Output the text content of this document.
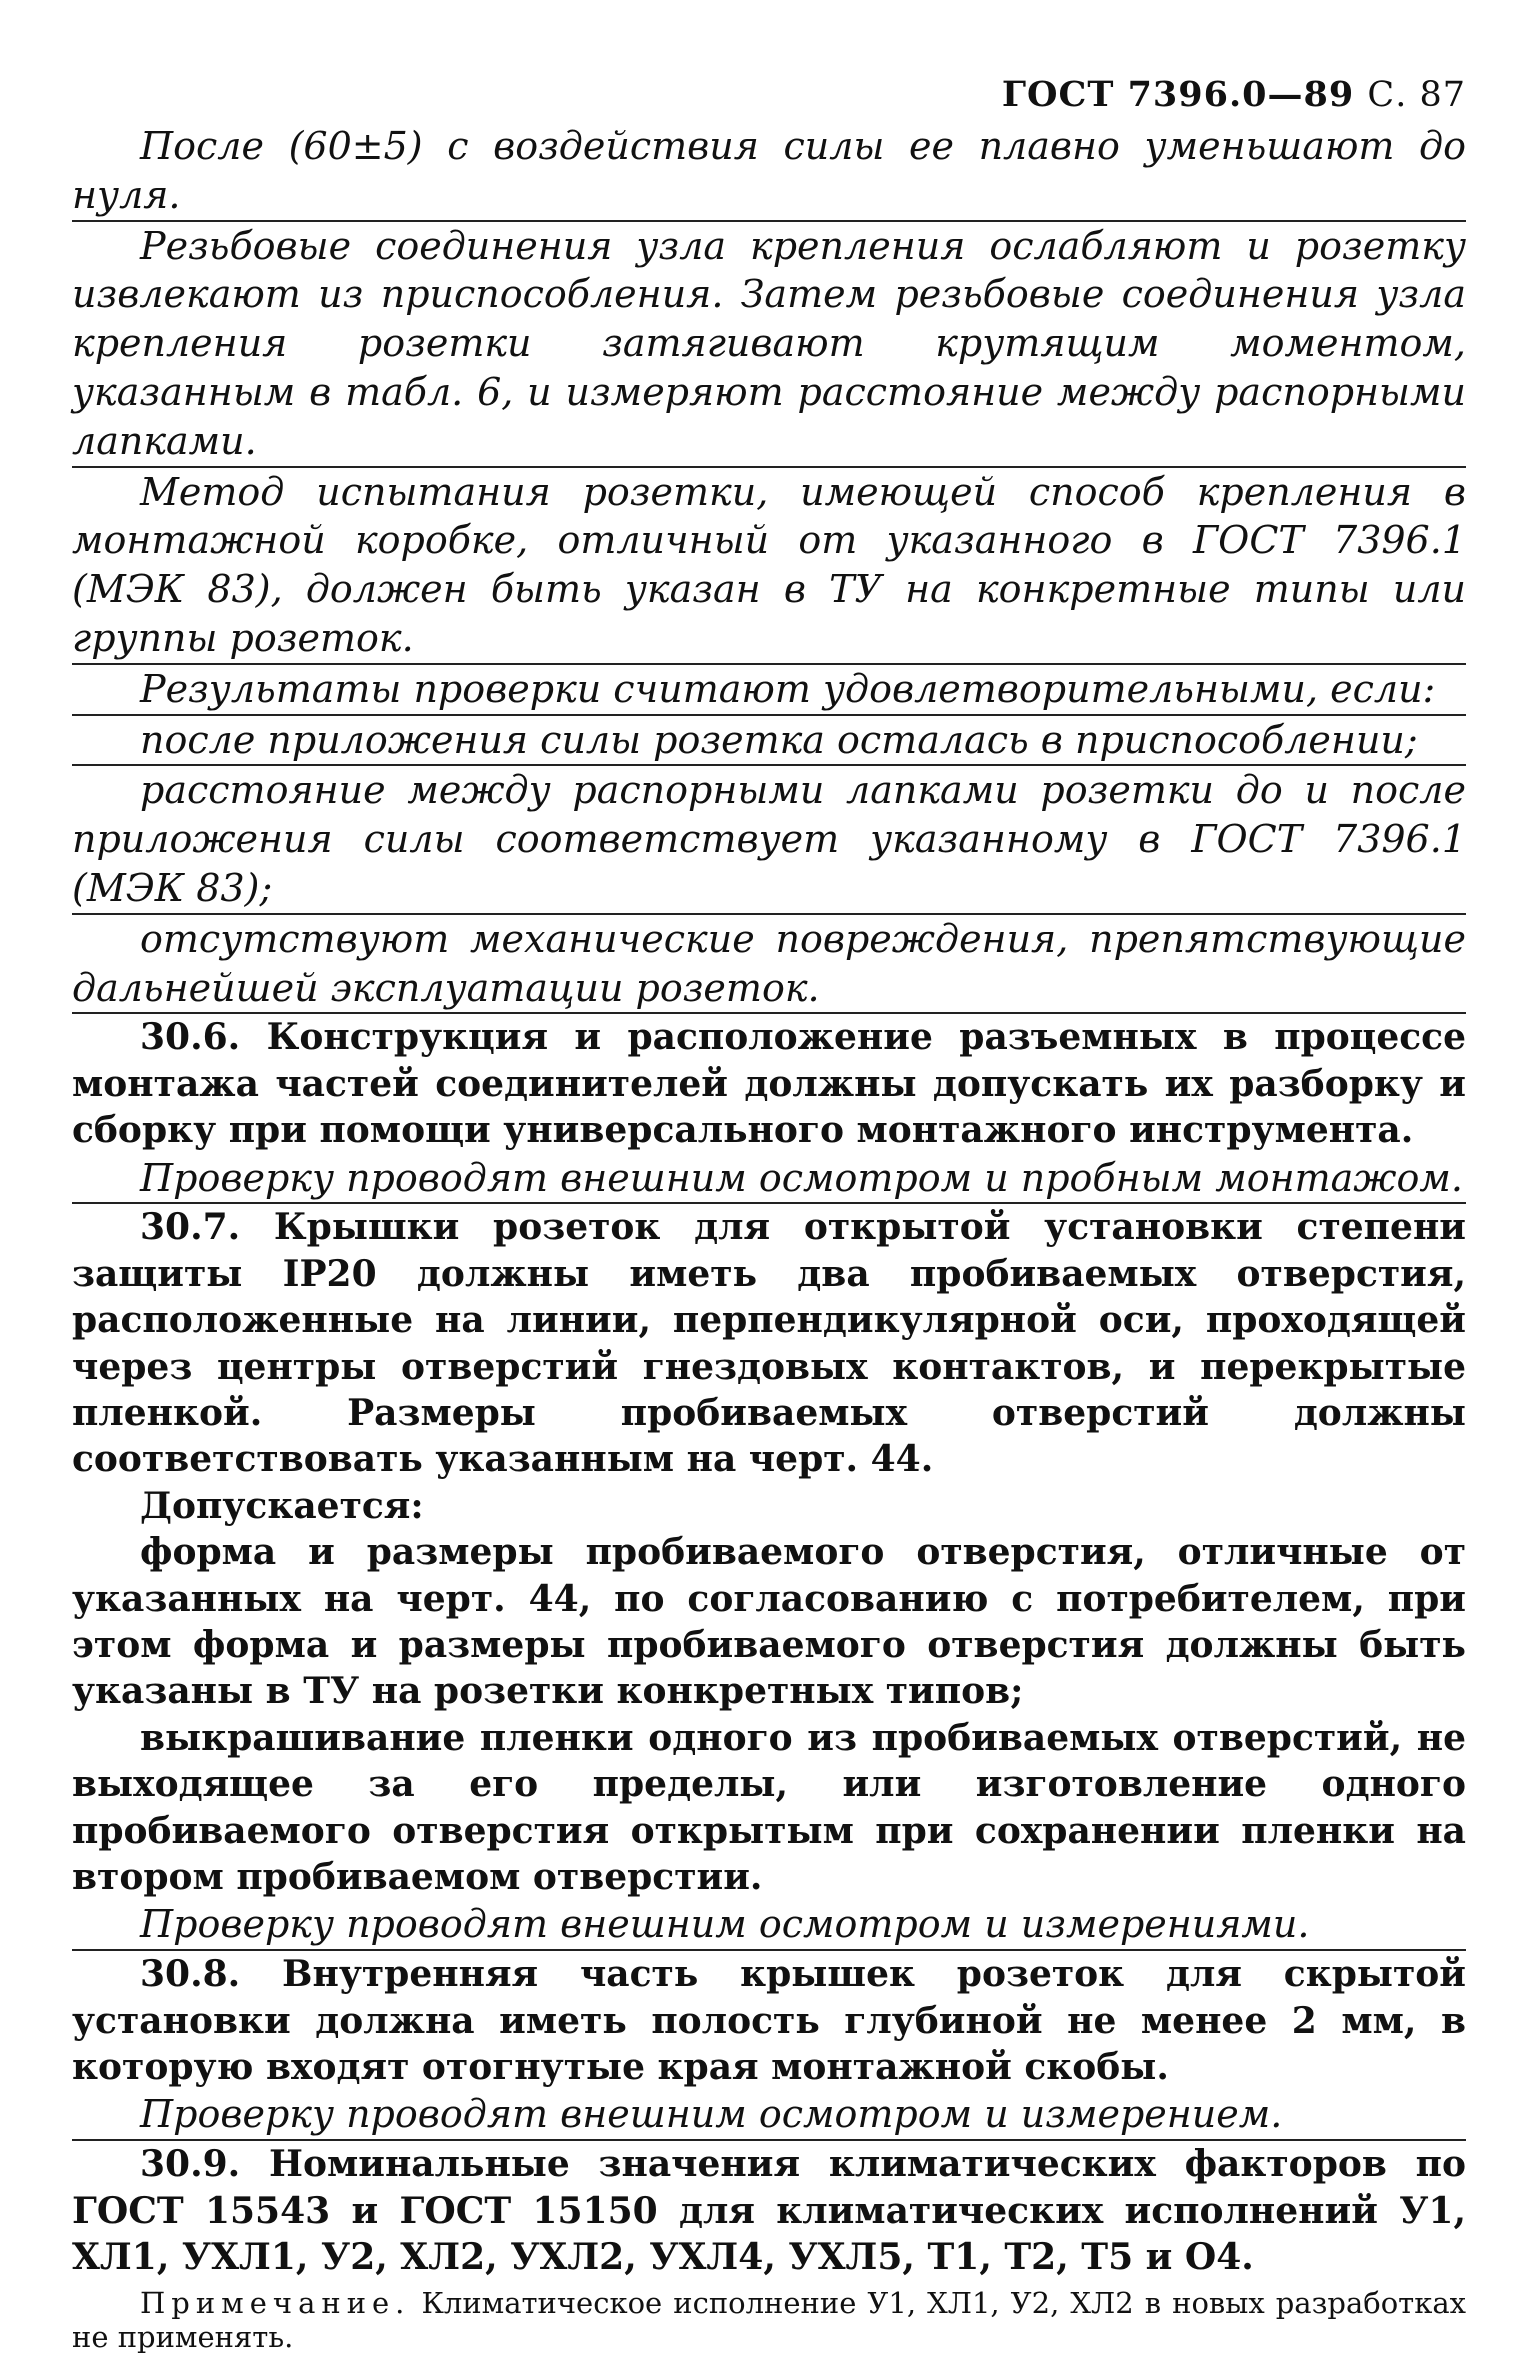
ГОСТ 7396.0—89 С. 87

После (60±5) с воздействия силы ее плавно уменьшают до нуля.

Резьбовые соединения узла крепления ослабляют и розетку извлекают из приспособления. Затем резьбовые соединения узла крепления розетки затягивают крутящим моментом, указанным в табл. 6, и измеряют расстояние между распорными лапками.

Метод испытания розетки, имеющей способ крепления в монтажной коробке, отличный от указанного в ГОСТ 7396.1 (МЭК 83), должен быть указан в ТУ на конкретные типы или группы розеток.

Результаты проверки считают удовлетворительными, если:

после приложения силы розетка осталась в приспособлении;

расстояние между распорными лапками розетки до и после приложения силы соответствует указанному в ГОСТ 7396.1 (МЭК 83);

отсутствуют механические повреждения, препятствующие дальнейшей эксплуатации розеток.

30.6. Конструкция и расположение разъемных в процессе монтажа частей соединителей должны допускать их разборку и сборку при помощи универсального монтажного инструмента.

Проверку проводят внешним осмотром и пробным монтажом.

30.7. Крышки розеток для открытой установки степени защиты IP20 должны иметь два пробиваемых отверстия, расположенные на линии, перпендикулярной оси, проходящей через центры отверстий гнездовых контактов, и перекрытые пленкой. Размеры пробиваемых отверстий должны соответствовать указанным на черт. 44.

Допускается:

форма и размеры пробиваемого отверстия, отличные от указанных на черт. 44, по согласованию с потребителем, при этом форма и размеры пробиваемого отверстия должны быть указаны в ТУ на розетки конкретных типов;

выкрашивание пленки одного из пробиваемых отверстий, не выходящее за его пределы, или изготовление одного пробиваемого отверстия открытым при сохранении пленки на втором пробиваемом отверстии.

Проверку проводят внешним осмотром и измерениями.

30.8. Внутренняя часть крышек розеток для скрытой установки должна иметь полость глубиной не менее 2 мм, в которую входят отогнутые края монтажной скобы.

Проверку проводят внешним осмотром и измерением.

30.9. Номинальные значения климатических факторов по ГОСТ 15543 и ГОСТ 15150 для климатических исполнений У1, ХЛ1, УХЛ1, У2, ХЛ2, УХЛ2, УХЛ4, УХЛ5, Т1, Т2, Т5 и О4.

Примечание. Климатическое исполнение У1, ХЛ1, У2, ХЛ2 в новых разработках не применять.
